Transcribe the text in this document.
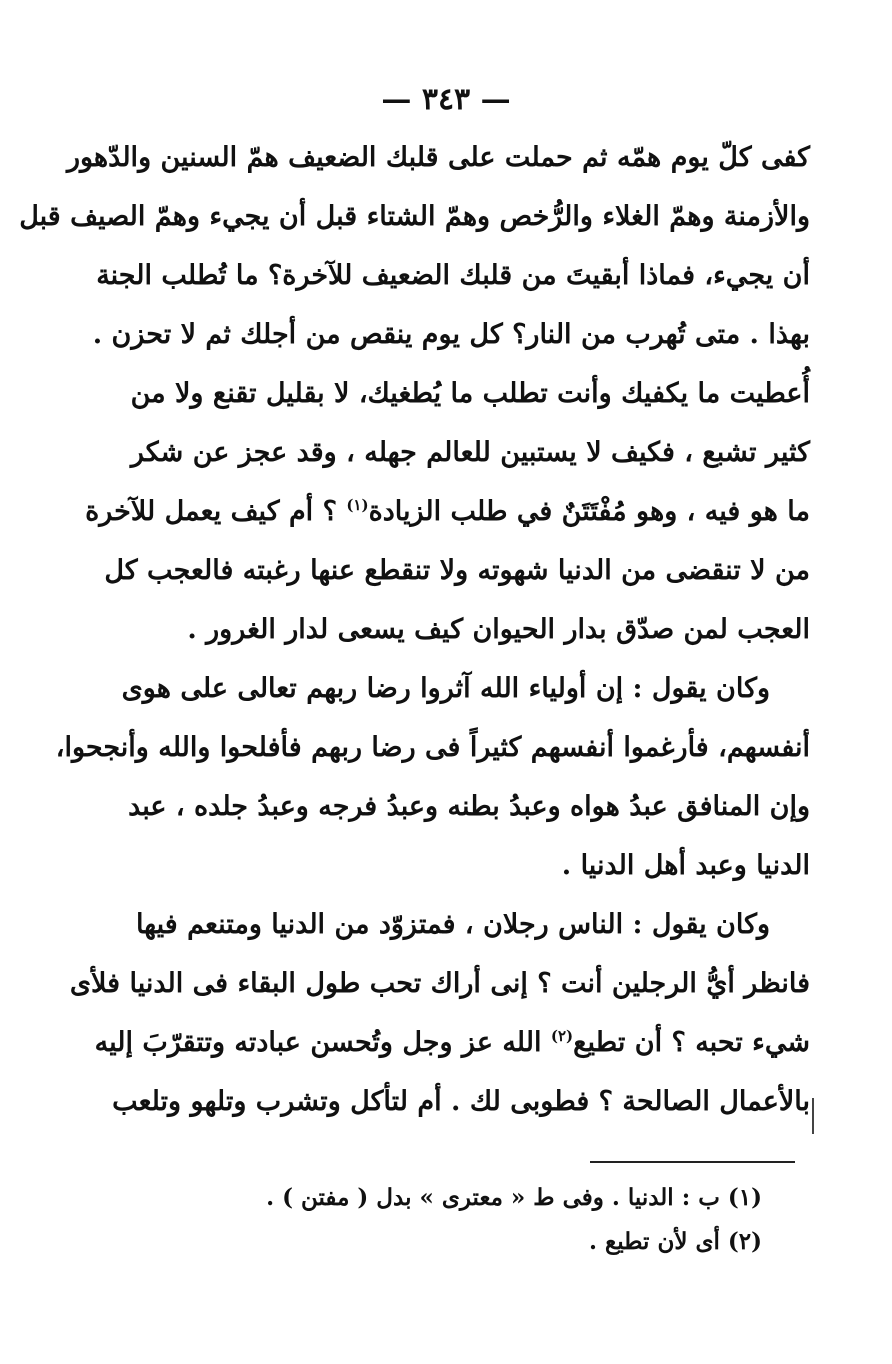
— ٣٤٣ —

كفى كلّ يوم همّه ثم حملت على قلبك الضعيف همّ السنين والدّهور
والأزمنة وهمّ الغلاء والرُّخص وهمّ الشتاء قبل أن يجيء وهمّ الصيف قبل
أن يجيء، فماذا أبقيتَ من قلبك الضعيف للآخرة؟ ما تُطلب الجنة
بهذا . متى تُهرب من النار؟ كل يوم ينقص من أجلك ثم لا تحزن .
أُعطيت ما يكفيك وأنت تطلب ما يُطغيك، لا بقليل تقنع ولا من
كثير تشبع ، فكيف لا يستبين للعالم جهله ، وقد عجز عن شكر
ما هو فيه ، وهو مُفْتَتَنٌ في طلب الزيادة$^{(١)}$ ؟ أم كيف يعمل للآخرة
من لا تنقضى من الدنيا شهوته ولا تنقطع عنها رغبته فالعجب كل
العجب لمن صدّق بدار الحيوان كيف يسعى لدار الغرور .

وكان يقول : إن أولياء الله آثروا رضا ربهم تعالى على هوى
أنفسهم، فأرغموا أنفسهم كثيراً فى رضا ربهم فأفلحوا والله وأنجحوا،
وإن المنافق عبدُ هواه وعبدُ بطنه وعبدُ فرجه وعبدُ جلده ، عبد
الدنيا وعبد أهل الدنيا .

وكان يقول : الناس رجلان ، فمتزوّد من الدنيا ومتنعم فيها
فانظر أيُّ الرجلين أنت ؟ إنى أراك تحب طول البقاء فى الدنيا فلأى
شيء تحبه ؟ أن تطيع$^{(٢)}$ الله عز وجل وتُحسن عبادته وتتقرّبَ إليه
بالأعمال الصالحة ؟ فطوبى لك . أم لتأكل وتشرب وتلهو وتلعب

(١) ب : الدنيا . وفى ط « معترى » بدل ( مفتن ) .
(٢) أى لأن تطيع .
